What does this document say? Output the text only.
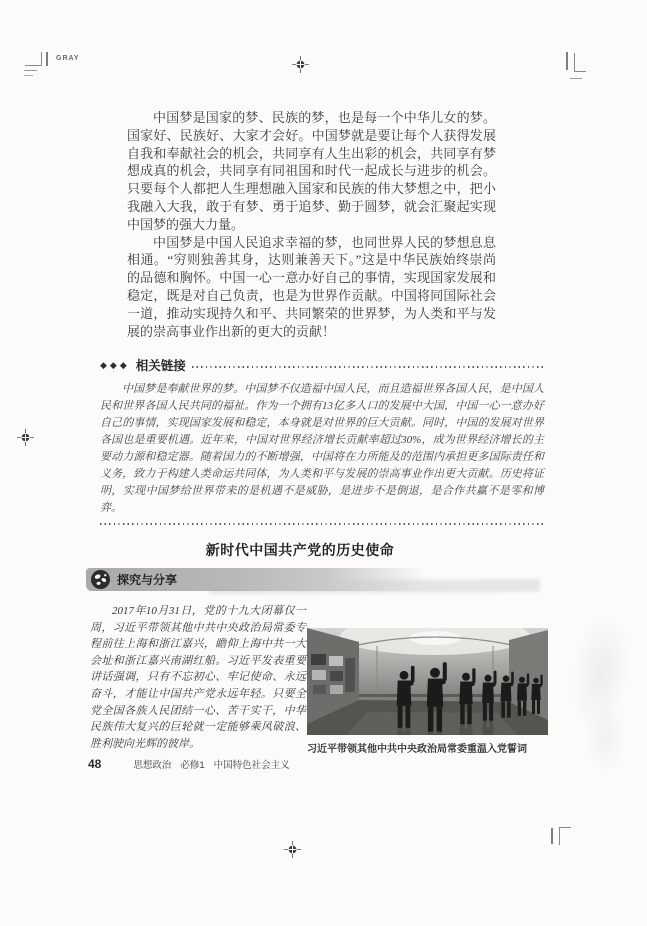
GRAY

中国梦是国家的梦、民族的梦，也是每一个中华儿女的梦。国家好、民族好、大家才会好。中国梦就是要让每个人获得发展自我和奉献社会的机会，共同享有人生出彩的机会，共同享有梦想成真的机会，共同享有同祖国和时代一起成长与进步的机会。只要每个人都把人生理想融入国家和民族的伟大梦想之中，把小我融入大我，敢于有梦、勇于追梦、勤于圆梦，就会汇聚起实现中国梦的强大力量。

中国梦是中国人民追求幸福的梦，也同世界人民的梦想息息相通。“穷则独善其身，达则兼善天下。”这是中华民族始终崇尚的品德和胸怀。中国一心一意办好自己的事情，实现国家发展和稳定，既是对自己负责，也是为世界作贡献。中国将同国际社会一道，推动实现持久和平、共同繁荣的世界梦，为人类和平与发展的崇高事业作出新的更大的贡献！

◆◆◆ 相关链接

中国梦是奉献世界的梦。中国梦不仅造福中国人民，而且造福世界各国人民，是中国人民和世界各国人民共同的福祉。作为一个拥有13亿多人口的发展中大国，中国一心一意办好自己的事情，实现国家发展和稳定，本身就是对世界的巨大贡献。同时，中国的发展对世界各国也是重要机遇。近年来，中国对世界经济增长贡献率超过30%，成为世界经济增长的主要动力源和稳定器。随着国力的不断增强，中国将在力所能及的范围内承担更多国际责任和义务，致力于构建人类命运共同体，为人类和平与发展的崇高事业作出更大贡献。历史将证明，实现中国梦给世界带来的是机遇不是威胁，是进步不是倒退，是合作共赢不是零和博弈。

新时代中国共产党的历史使命
探究与分享

2017年10月31日，党的十九大闭幕仅一周，习近平带领其他中共中央政治局常委专程前往上海和浙江嘉兴，瞻仰上海中共一大会址和浙江嘉兴南湖红船。习近平发表重要讲话强调，只有不忘初心、牢记使命、永远奋斗，才能让中国共产党永远年轻。只要全党全国各族人民团结一心、苦干实干，中华民族伟大复兴的巨轮就一定能够乘风破浪、胜利驶向光辉的彼岸。	习近平带领其他中共中央政治局常委重温入党誓词
48	思想政治 必修1 中国特色社会主义
